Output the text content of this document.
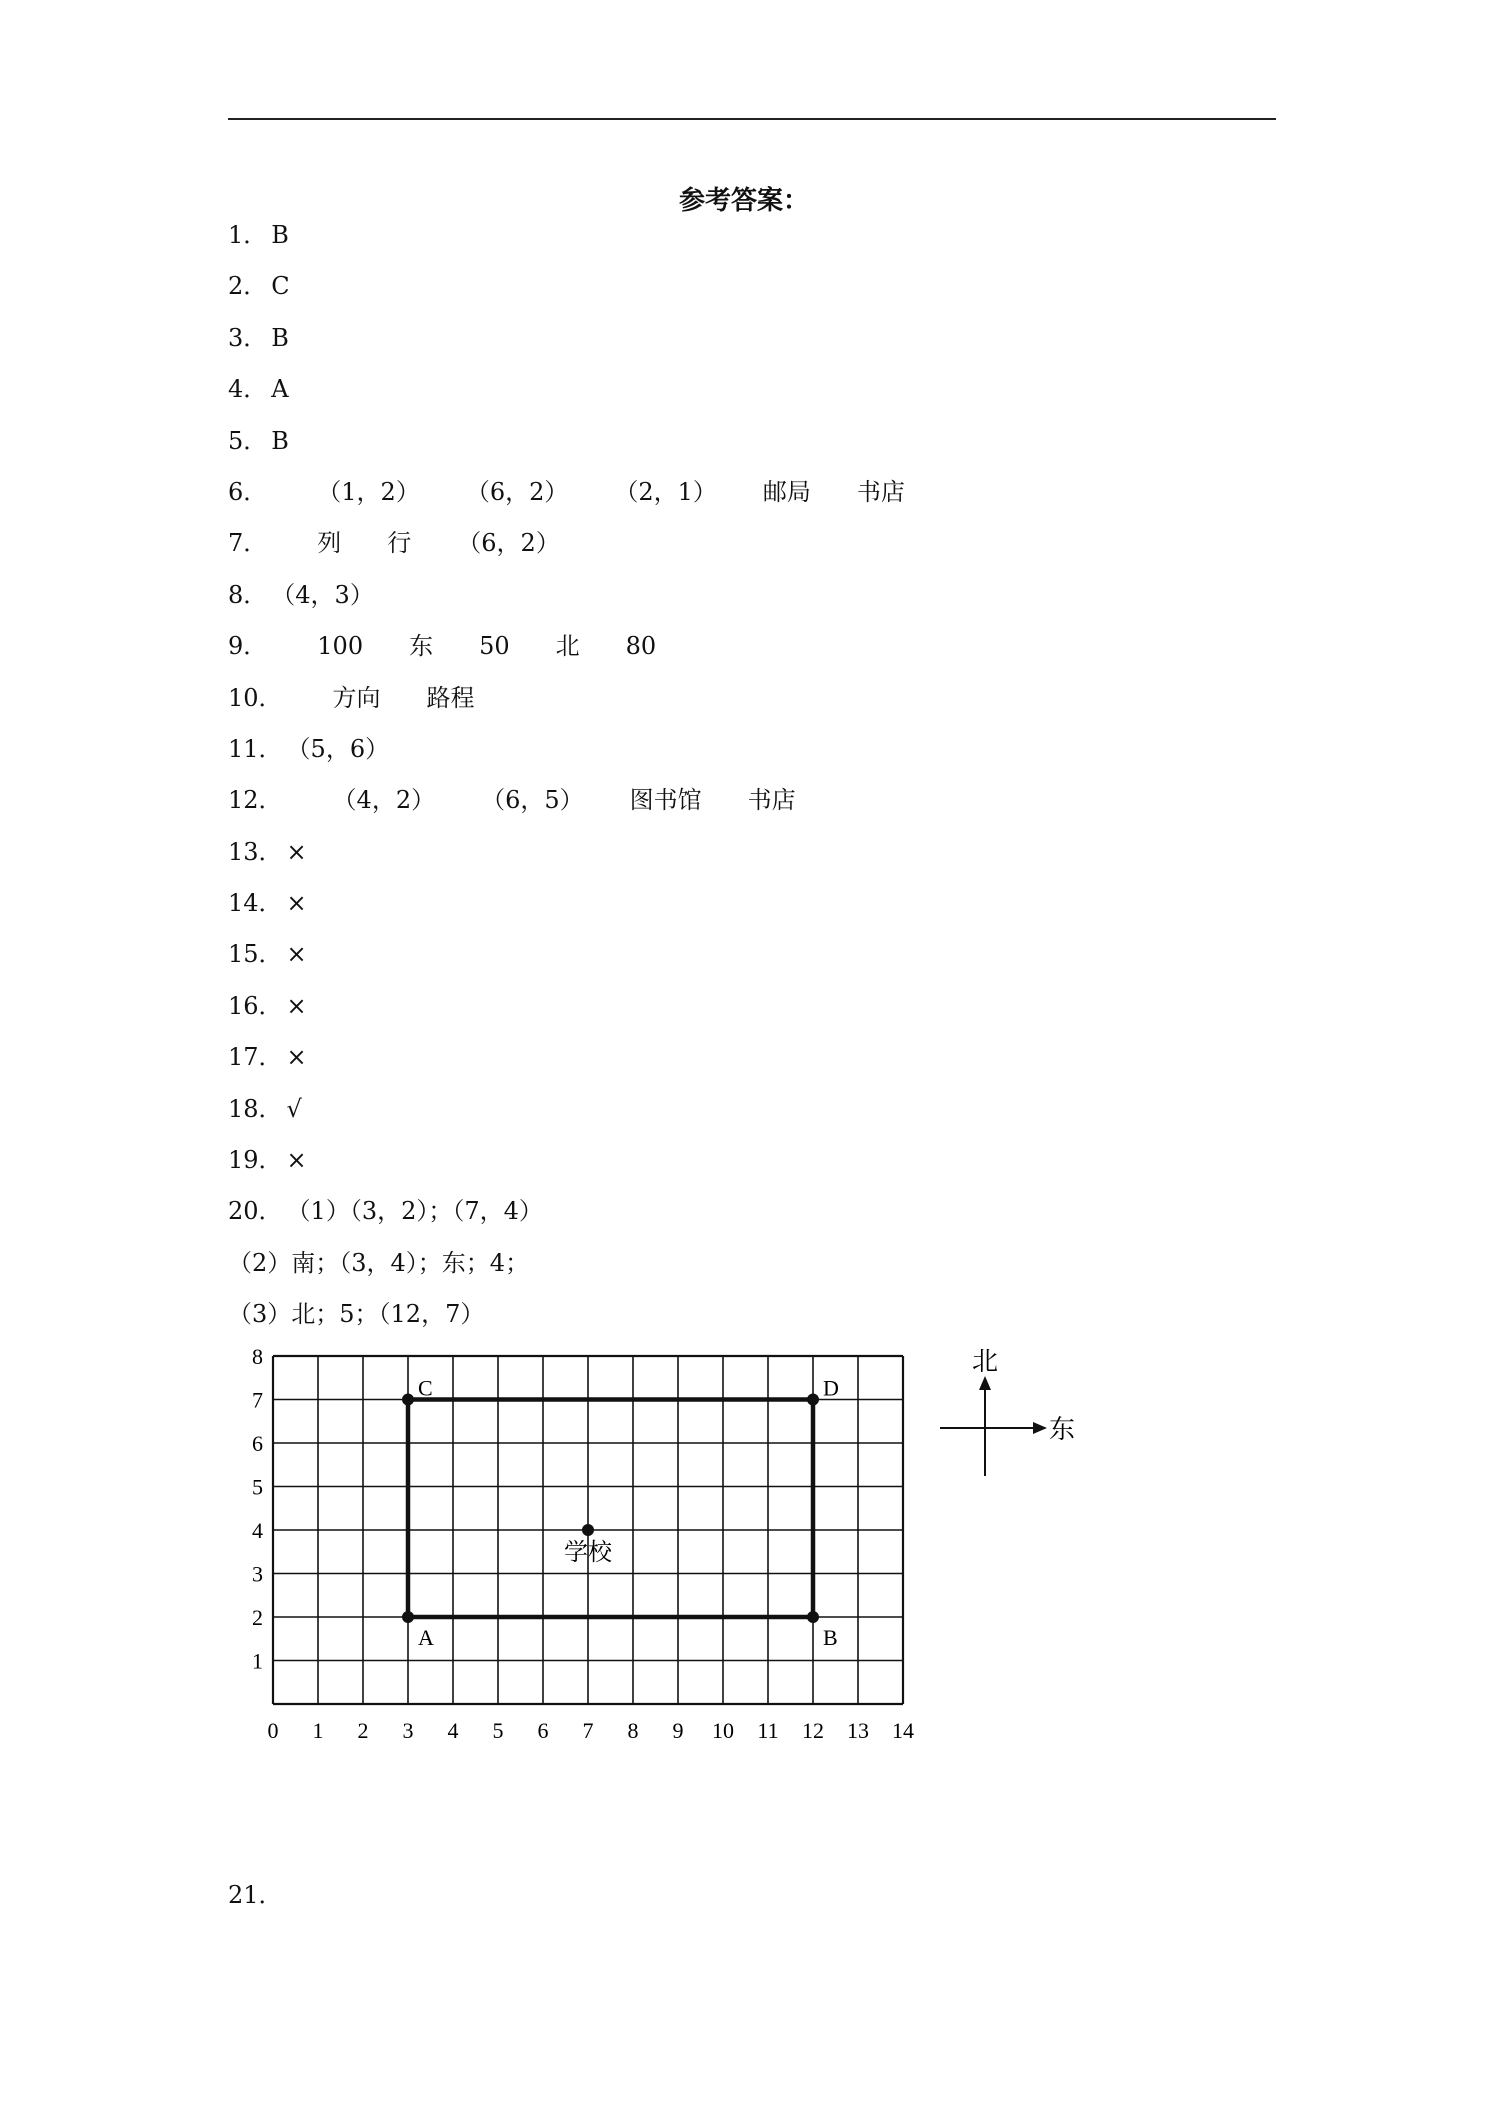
参考答案：
1． B
2． C
3． B
4． A
5． B
6． （1，2） （6，2） （2，1） 邮局 书店
7． 列 行 （6，2）
8． （4，3）
9． 100 东 50 北 80
10． 方向 路程
11． （5，6）
12． （4，2） （6，5） 图书馆 书店
13． ×
14． ×
15． ×
16． ×
17． ×
18． √
19． ×
20． （1）（3，2）；（7，4）
（2）南；（3，4）；东；4；
（3）北；5；（12，7）
0 1 2 3 4 5 6 7 8 9 10 11 12 13 14
1
2
3
4
5
6
7
8
A	B
C	D
学校
北
东
21．
